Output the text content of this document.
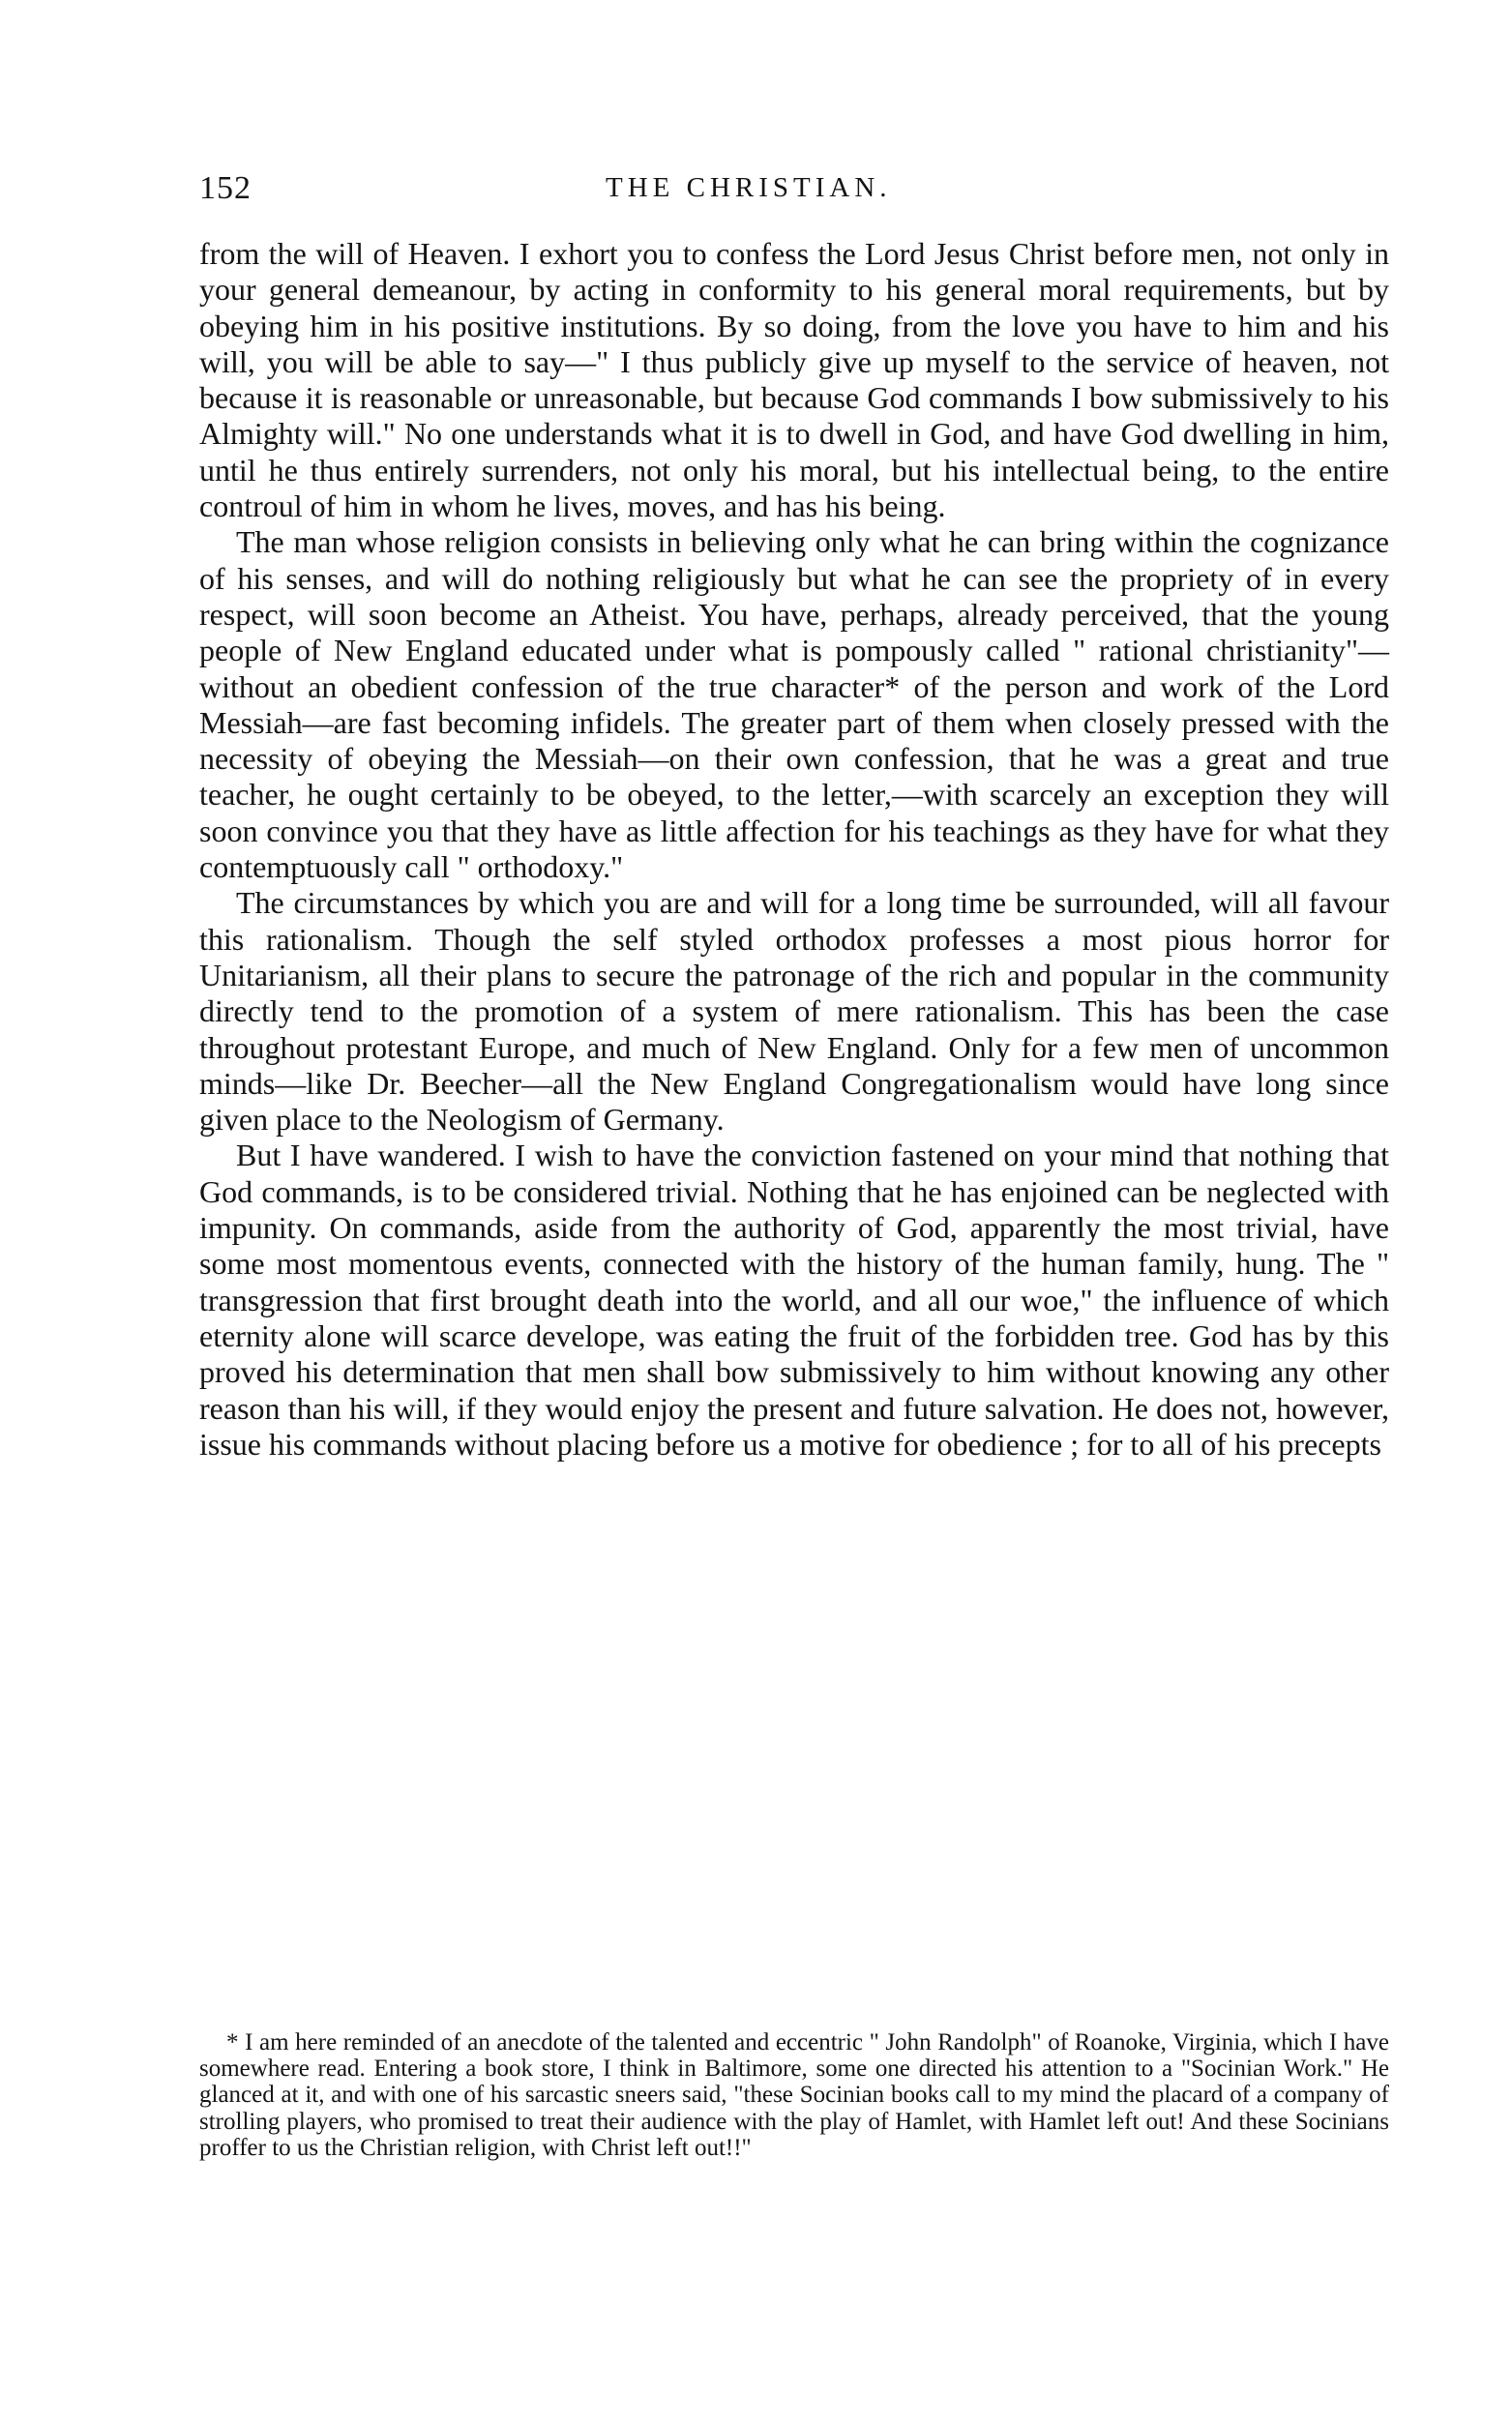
152	THE CHRISTIAN.

from the will of Heaven. I exhort you to confess the Lord Jesus Christ before men, not only in your general demeanour, by acting in conformity to his general moral requirements, but by obeying him in his positive institutions. By so doing, from the love you have to him and his will, you will be able to say—" I thus publicly give up myself to the service of heaven, not because it is reasonable or unreasonable, but because God commands I bow submissively to his Almighty will." No one understands what it is to dwell in God, and have God dwelling in him, until he thus entirely surrenders, not only his moral, but his intellectual being, to the entire controul of him in whom he lives, moves, and has his being.

The man whose religion consists in believing only what he can bring within the cognizance of his senses, and will do nothing religiously but what he can see the propriety of in every respect, will soon become an Atheist. You have, perhaps, already perceived, that the young people of New England educated under what is pompously called " rational christianity"—without an obedient confession of the true character* of the person and work of the Lord Messiah—are fast becoming infidels. The greater part of them when closely pressed with the necessity of obeying the Messiah—on their own confession, that he was a great and true teacher, he ought certainly to be obeyed, to the letter,—with scarcely an exception they will soon convince you that they have as little affection for his teachings as they have for what they contemptuously call " orthodoxy."

The circumstances by which you are and will for a long time be surrounded, will all favour this rationalism. Though the self styled orthodox professes a most pious horror for Unitarianism, all their plans to secure the patronage of the rich and popular in the community directly tend to the promotion of a system of mere rationalism. This has been the case throughout protestant Europe, and much of New England. Only for a few men of uncommon minds—like Dr. Beecher—all the New England Congregationalism would have long since given place to the Neologism of Germany.

But I have wandered. I wish to have the conviction fastened on your mind that nothing that God commands, is to be considered trivial. Nothing that he has enjoined can be neglected with impunity. On commands, aside from the authority of God, apparently the most trivial, have some most momentous events, connected with the history of the human family, hung. The " transgression that first brought death into the world, and all our woe," the influence of which eternity alone will scarce develope, was eating the fruit of the forbidden tree. God has by this proved his determination that men shall bow submissively to him without knowing any other reason than his will, if they would enjoy the present and future salvation. He does not, however, issue his commands without placing before us a motive for obedience ; for to all of his precepts

* I am here reminded of an anecdote of the talented and eccentric " John Randolph" of Roanoke, Virginia, which I have somewhere read. Entering a book store, I think in Baltimore, some one directed his attention to a "Socinian Work." He glanced at it, and with one of his sarcastic sneers said, "these Socinian books call to my mind the placard of a company of strolling players, who promised to treat their audience with the play of Hamlet, with Hamlet left out! And these Socinians proffer to us the Christian religion, with Christ left out!!"
